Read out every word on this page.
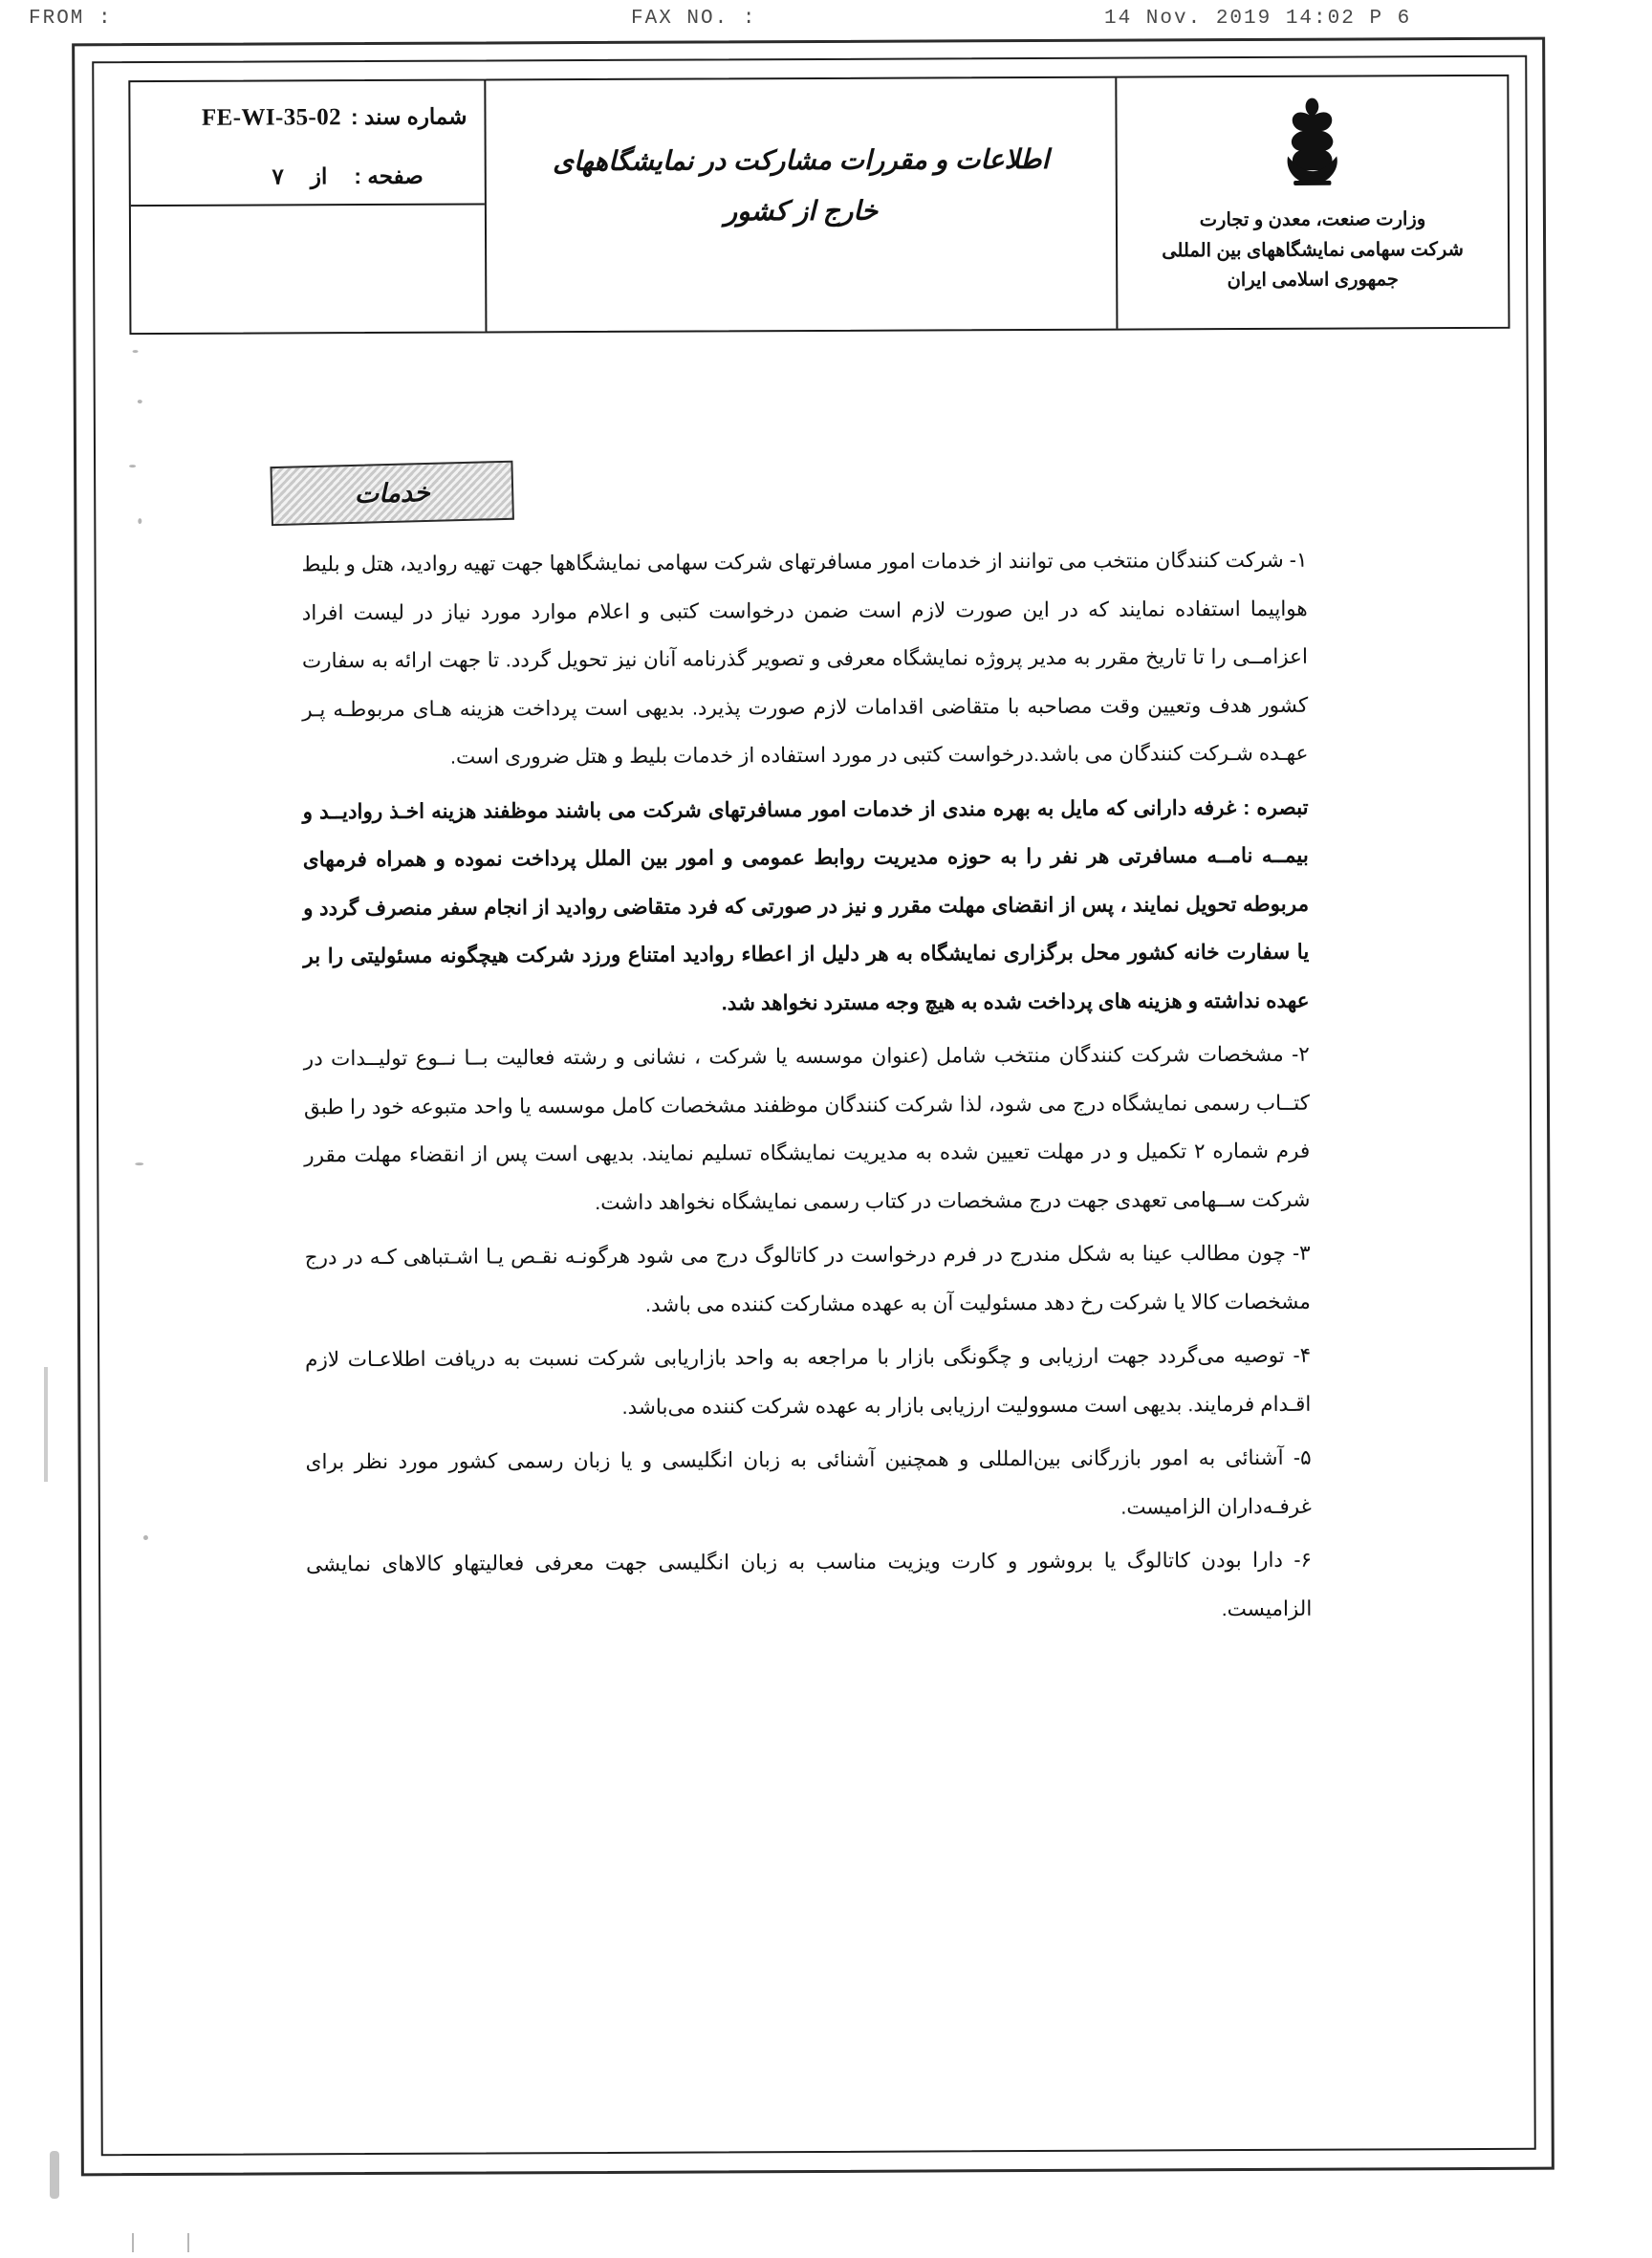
FROM :	FAX NO. :	14 Nov. 2019 14:02 P 6
وزارت صنعت، معدن و تجارت
شرکت سهامی نمایشگاههای بین المللی
جمهوری اسلامی ایران
اطلاعات و مقررات مشارکت در نمایشگاههای
خارج از کشور
شماره سند :
FE-WI-35-02
صفحه :
از
۷
خدمات

۱- شرکت کنندگان منتخب می توانند از خدمات امور مسافرتهای شرکت سهامی نمایشگاهها جهت تهیه روادید، هتل و بلیط هواپیما استفاده نمایند که در این صورت لازم است ضمن درخواست کتبی و اعلام موارد مورد نیاز در لیست افراد اعزامــی را تا تاریخ مقرر به مدیر پروژه نمایشگاه معرفی و تصویر گذرنامه آنان نیز تحویل گردد. تا جهت ارائه به سفارت کشور هدف وتعیین وقت مصاحبه با متقاضی اقدامات لازم صورت پذیرد. بدیهی است پرداخت هزینه هـای مربوطـه پـر عهـده شـرکت کنندگان می باشد.درخواست کتبی در مورد استفاده از خدمات بلیط و هتل ضروری است.

تبصره : غرفه دارانی که مایل به بهره مندی از خدمات امور مسافرتهای شرکت می باشند موظفند هزینه اخـذ روادیــد و بیمــه نامــه مسافرتی هر نفر را به حوزه مدیریت روابط عمومی و امور بین الملل پرداخت نموده و همراه فرمهای مربوطه تحویل نمایند ، پس از انقضای مهلت مقرر و نیز در صورتی که فرد متقاضی روادید از انجام سفر منصرف گردد و یا سفارت خانه کشور محل برگزاری نمایشگاه به هر دلیل از اعطاء روادید امتناع ورزد شرکت هیچگونه مسئولیتی را بر عهده نداشته و هزینه های پرداخت شده به هیچ وجه مسترد نخواهد شد.

۲- مشخصات شرکت کنندگان منتخب شامل (عنوان موسسه یا شرکت ، نشانی و رشته فعالیت بــا نــوع تولیــدات در کتــاب رسمی نمایشگاه درج می شود، لذا شرکت کنندگان موظفند مشخصات کامل موسسه یا واحد متبوعه خود را طبق فرم شماره ۲ تکمیل و در مهلت تعیین شده به مدیریت نمایشگاه تسلیم نمایند. بدیهی است پس از انقضاء مهلت مقرر شرکت ســهامی تعهدی جهت درج مشخصات در کتاب رسمی نمایشگاه نخواهد داشت.

۳- چون مطالب عینا به شکل مندرج در فرم درخواست در کاتالوگ درج می شود هرگونـه نقـص یـا اشـتباهی کـه در درج مشخصات کالا یا شرکت رخ دهد مسئولیت آن به عهده مشارکت کننده می باشد.

۴- توصیه می‌گردد جهت ارزیابی و چگونگی بازار با مراجعه به واحد بازاریابی شرکت نسبت به دریافت اطلاعـات لازم اقـدام فرمایند. بدیهی است مسوولیت ارزیابی بازار به عهده شرکت کننده می‌باشد.

۵- آشنائی به امور بازرگانی بین‌المللی و همچنین آشنائی به زبان انگلیسی و یا زبان رسمی کشور مورد نظر برای غرفـه‌داران الزامیست.

۶- دارا بودن کاتالوگ یا بروشور و کارت ویزیت مناسب به زبان انگلیسی جهت معرفی فعالیتهاو کالاهای نمایشی الزامیست.
